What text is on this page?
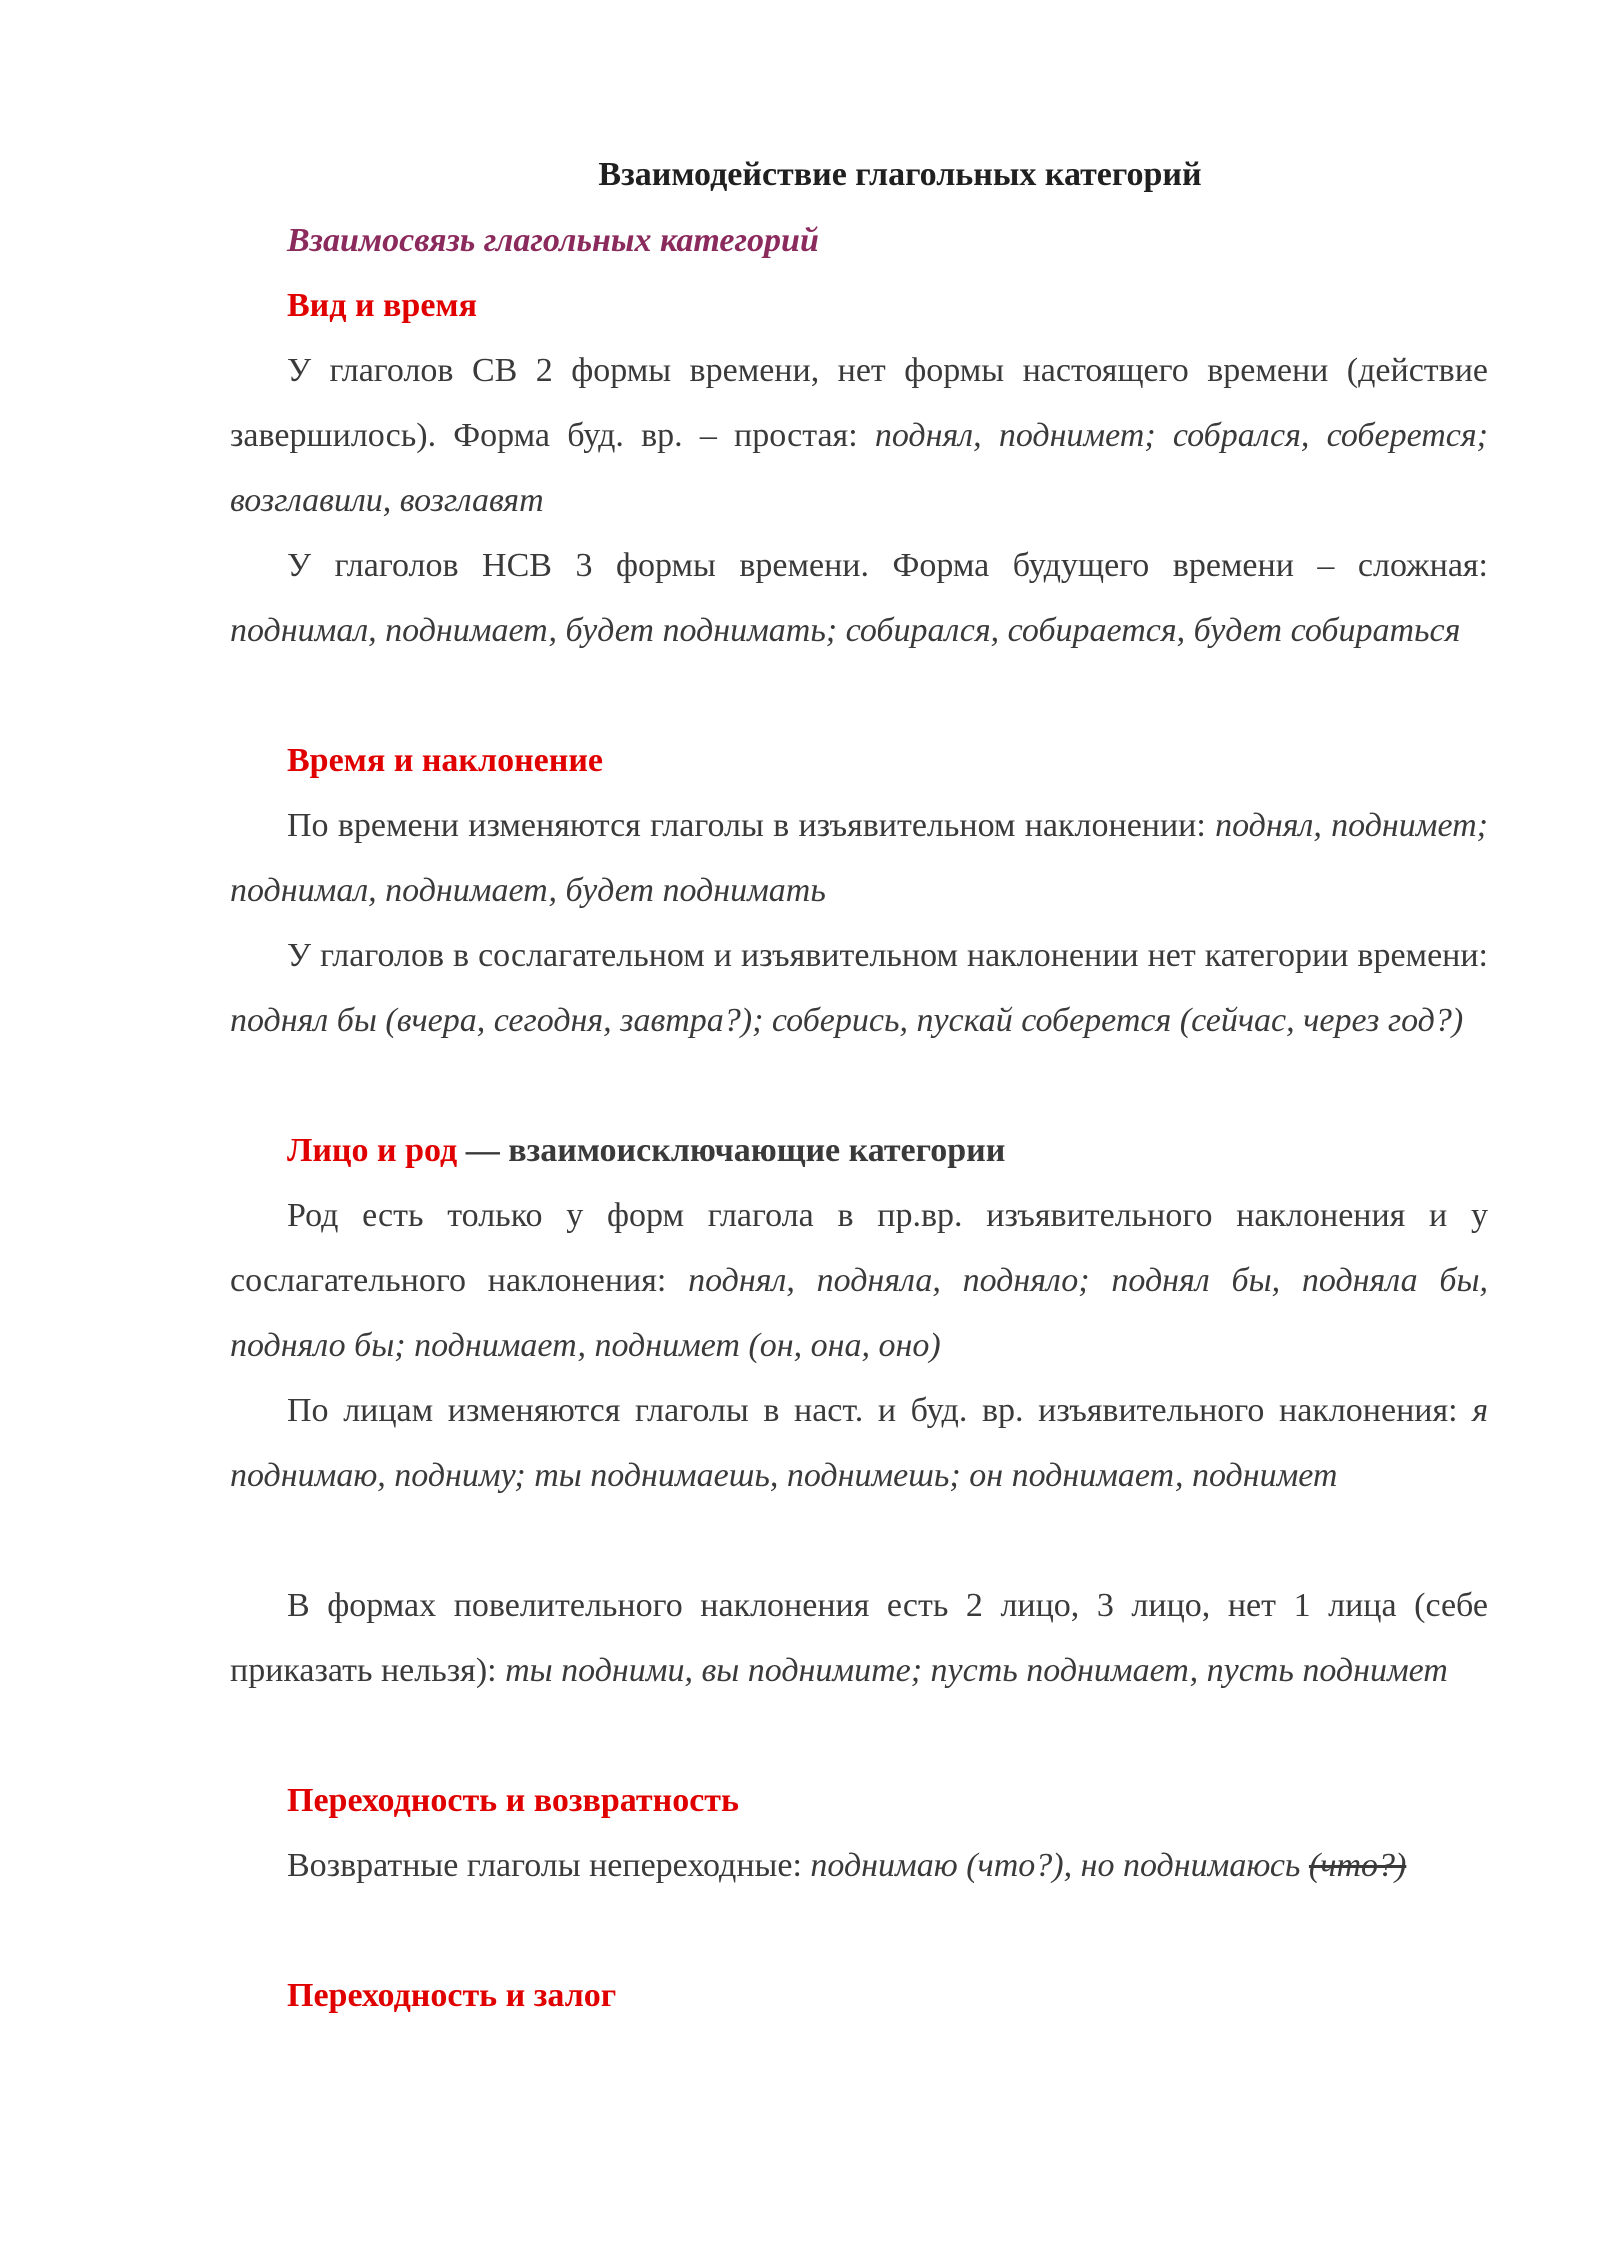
Взаимодействие глагольных категорий
Взаимосвязь глагольных категорий
Вид и время

У глаголов СВ 2 формы времени, нет формы настоящего времени (действие завершилось). Форма буд. вр. – простая: поднял, поднимет; собрался, соберется; возглавили, возглавят

У глаголов НСВ 3 формы времени. Форма будущего времени – сложная: поднимал, поднимает, будет поднимать; собирался, собирается, будет собираться

Время и наклонение

По времени изменяются глаголы в изъявительном наклонении: поднял, поднимет; поднимал, поднимает, будет поднимать

У глаголов в сослагательном и изъявительном наклонении нет категории времени: поднял бы (вчера, сегодня, завтра?); соберись, пускай соберется (сейчас, через год?)

Лицо и род — взаимоисключающие категории

Род есть только у форм глагола в пр.вр. изъявительного наклонения и у сослагательного наклонения: поднял, подняла, подняло; поднял бы, подняла бы, подняло бы; поднимает, поднимет (он, она, оно)

По лицам изменяются глаголы в наст. и буд. вр. изъявительного наклонения: я поднимаю, подниму; ты поднимаешь, поднимешь; он поднимает, поднимет

В формах повелительного наклонения есть 2 лицо, 3 лицо, нет 1 лица (себе приказать нельзя): ты подними, вы поднимите; пусть поднимает, пусть поднимет

Переходность и возвратность

Возвратные глаголы непереходные: поднимаю (что?), но поднимаюсь (что?)

Переходность и залог
